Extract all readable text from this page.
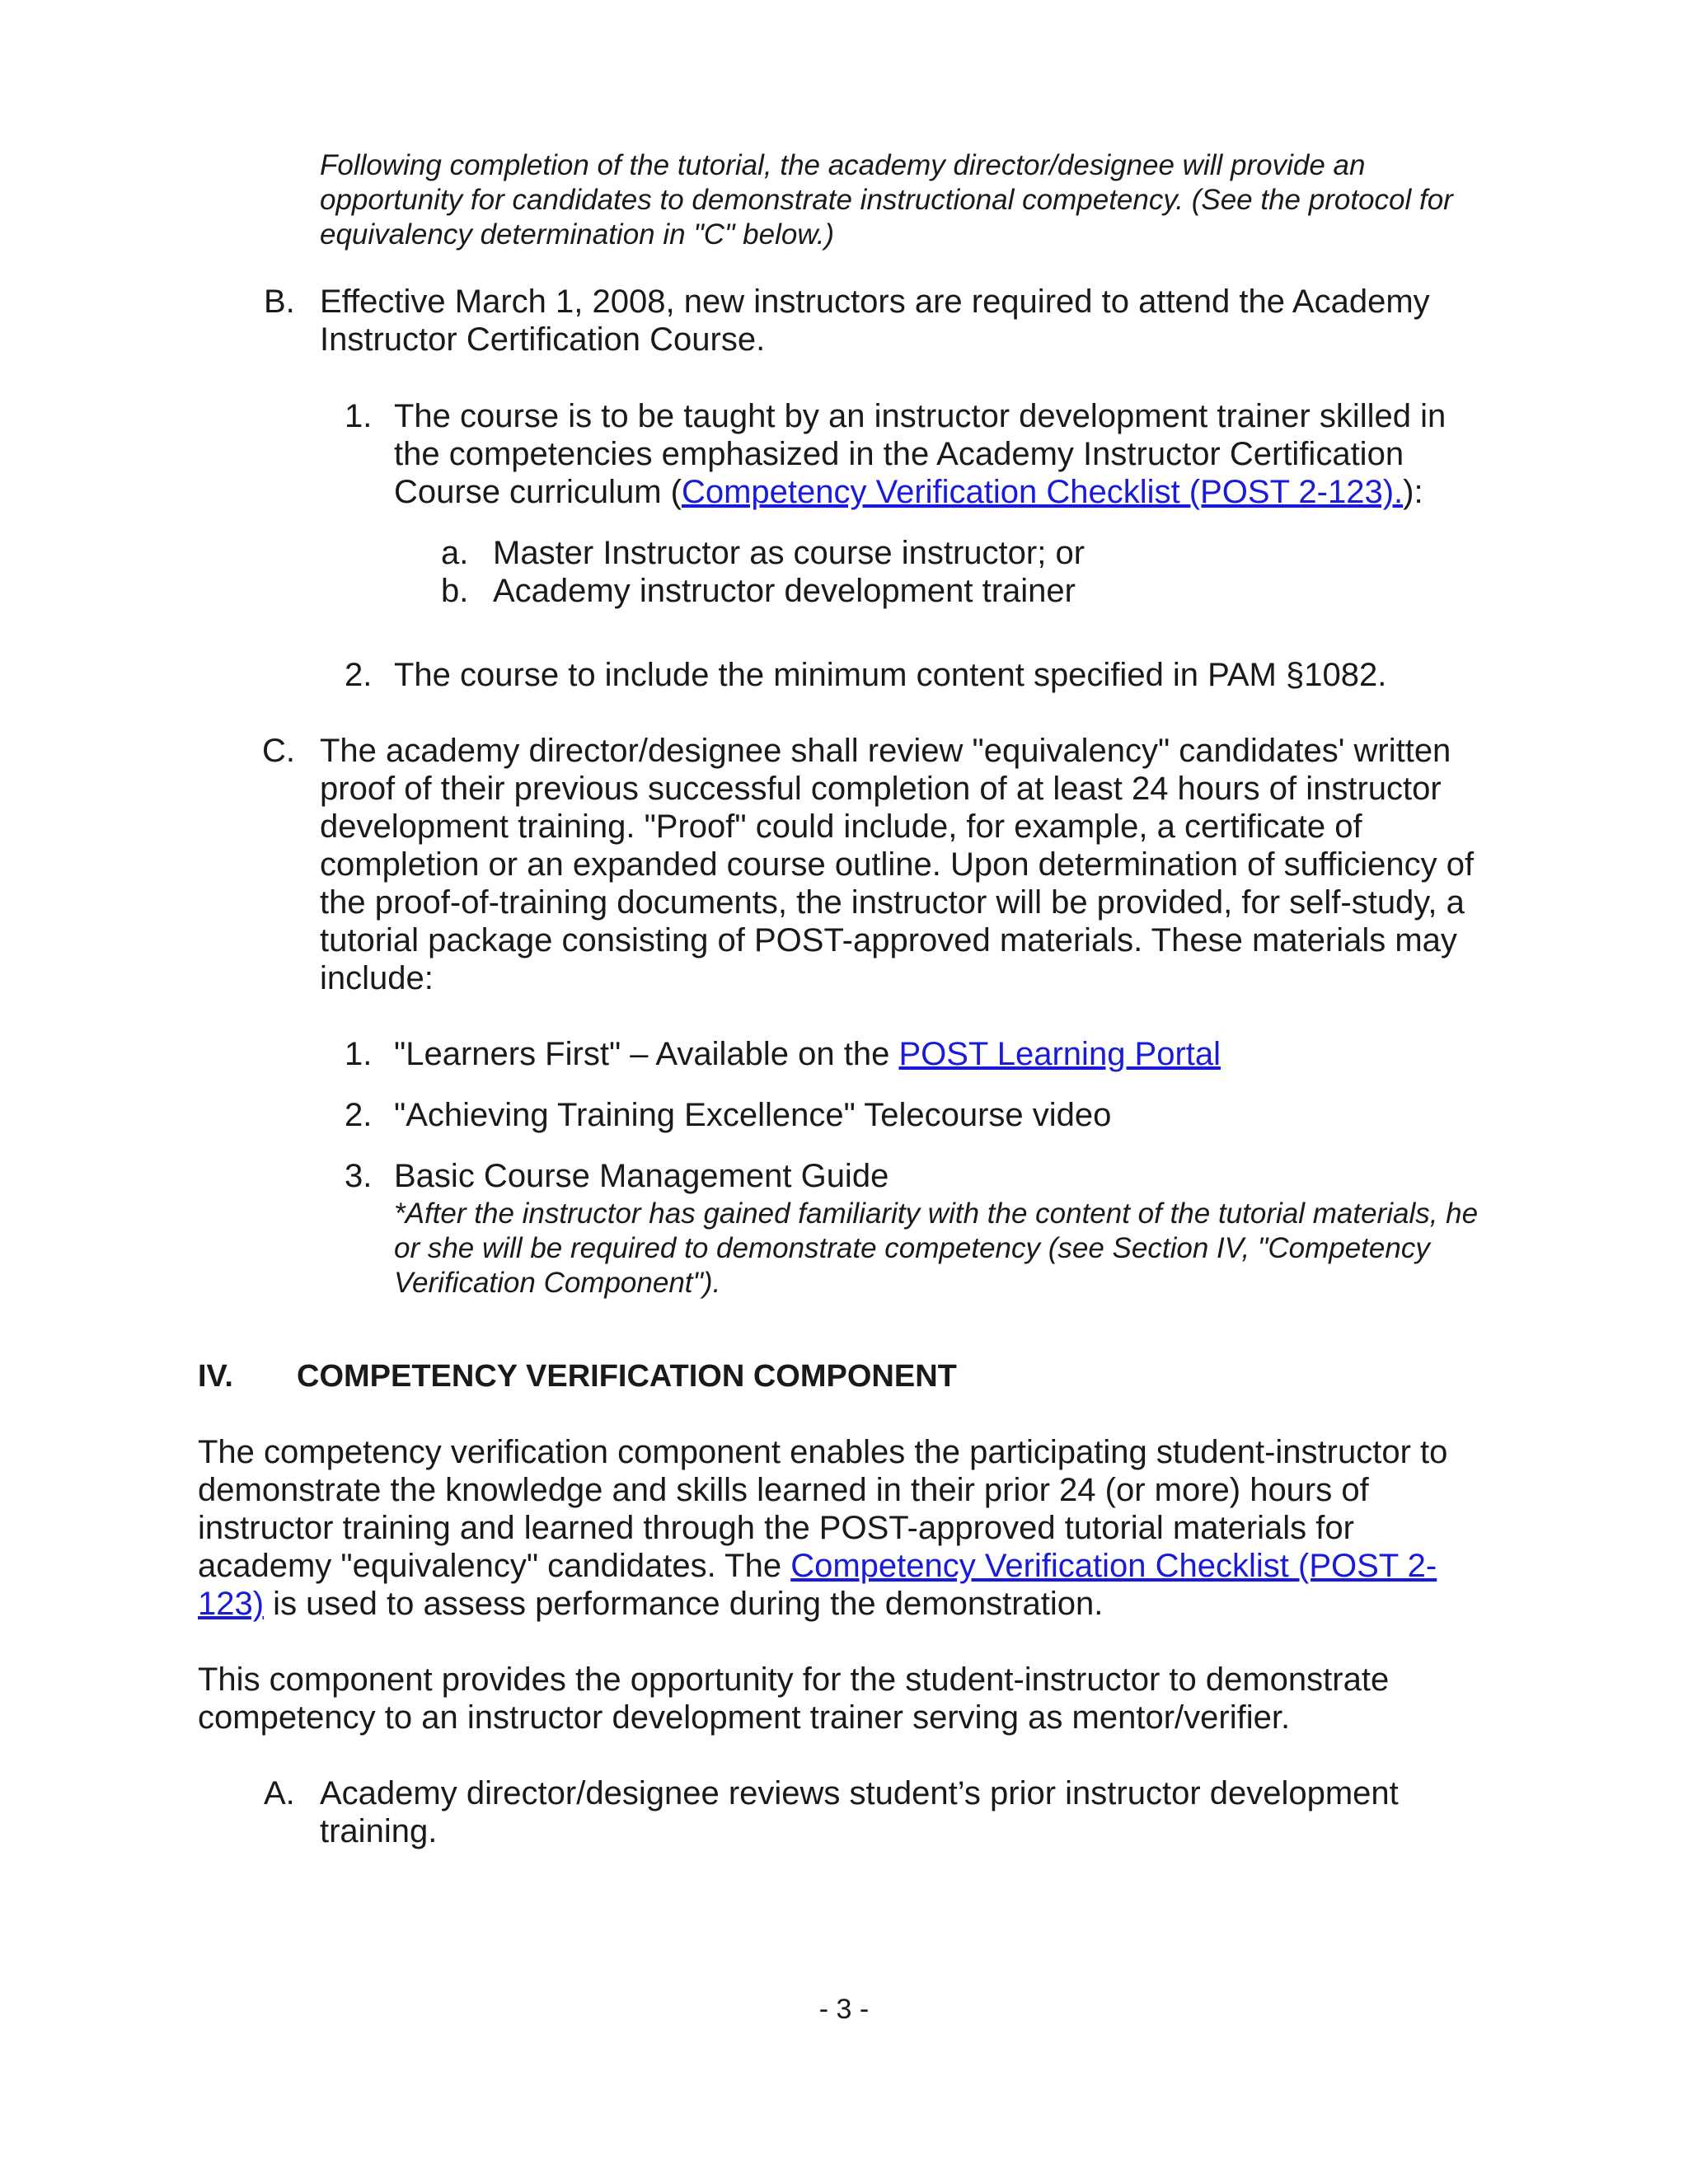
Following completion of the tutorial, the academy director/designee will provide an opportunity for candidates to demonstrate instructional competency. (See the protocol for equivalency determination in "C" below.)

B. Effective March 1, 2008, new instructors are required to attend the Academy Instructor Certification Course.

1. The course is to be taught by an instructor development trainer skilled in the competencies emphasized in the Academy Instructor Certification Course curriculum (Competency Verification Checklist (POST 2-123).):

a. Master Instructor as course instructor; or

b. Academy instructor development trainer

2. The course to include the minimum content specified in PAM §1082.

C. The academy director/designee shall review "equivalency" candidates' written proof of their previous successful completion of at least 24 hours of instructor development training. "Proof" could include, for example, a certificate of completion or an expanded course outline. Upon determination of sufficiency of the proof-of-training documents, the instructor will be provided, for self-study, a tutorial package consisting of POST-approved materials. These materials may include:

1. "Learners First" – Available on the POST Learning Portal

2. "Achieving Training Excellence" Telecourse video

3. Basic Course Management Guide

*After the instructor has gained familiarity with the content of the tutorial materials, he or she will be required to demonstrate competency (see Section IV, "Competency Verification Component").

IV. COMPETENCY VERIFICATION COMPONENT

The competency verification component enables the participating student-instructor to demonstrate the knowledge and skills learned in their prior 24 (or more) hours of instructor training and learned through the POST-approved tutorial materials for academy "equivalency" candidates. The Competency Verification Checklist (POST 2-123) is used to assess performance during the demonstration.

This component provides the opportunity for the student-instructor to demonstrate competency to an instructor development trainer serving as mentor/verifier.

A. Academy director/designee reviews student’s prior instructor development training.

- 3 -
